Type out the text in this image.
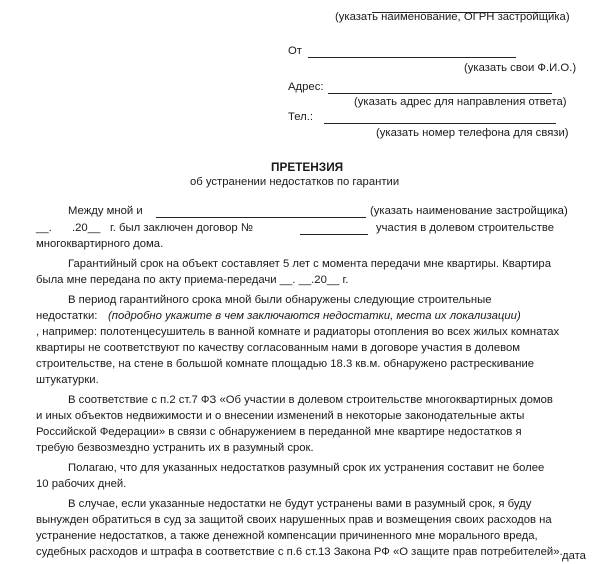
(указать наименование, ОГРН застройщика)
От
(указать свои Ф.И.О.)
Адрес:
(указать адрес для направления ответа)
Тел.:
(указать номер телефона для связи)
ПРЕТЕНЗИЯ
об устранении недостатков по гарантии
Между мной и	(указать наименование застройщика)
__. .20__ г. был заключен договор №	участия в долевом строительстве
многоквартирного дома.
Гарантийный срок на объект составляет 5 лет с момента передачи мне квартиры. Квартира
была мне передана по акту приема-передачи __. __.20__ г.
В период гарантийного срока мной были обнаружены следующие строительные
недостатки: (подробно укажите в чем заключаются недостатки, места их локализации)
, например: полотенцесушитель в ванной комнате и радиаторы отопления во всех жилых комнатах
квартиры не соответствуют по качеству согласованным нами в договоре участия в долевом
строительстве, на стене в большой комнате площадью 18.3 кв.м. обнаружено растрескивание
штукатурки.
В соответствие с п.2 ст.7 ФЗ «Об участии в долевом строительстве многоквартирных домов
и иных объектов недвижимости и о внесении изменений в некоторые законодательные акты
Российской Федерации» в связи с обнаружением в переданной мне квартире недостатков я
требую безвозмездно устранить их в разумный срок.
Полагаю, что для указанных недостатков разумный срок их устранения составит не более
10 рабочих дней.
В случае, если указанные недостатки не будут устранены вами в разумный срок, я буду
вынужден обратиться в суд за защитой своих нарушенных прав и возмещения своих расходов на
устранение недостатков, а также денежной компенсации причиненного мне морального вреда,
судебных расходов и штрафа в соответствие с п.6 ст.13 Закона РФ «О защите прав потребителей». дата
